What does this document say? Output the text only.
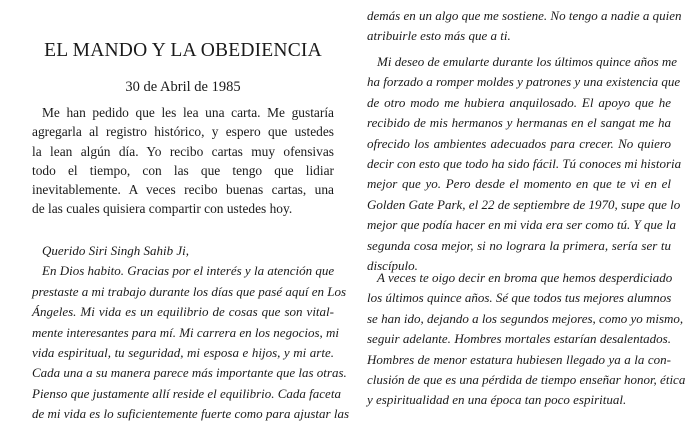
EL MANDO Y LA OBEDIENCIA
30 de Abril de 1985
Me han pedido que les lea una carta. Me gustaría
agregarla al registro histórico, y espero que ustedes
la lean algún día. Yo recibo cartas muy ofensivas
todo el tiempo, con las que tengo que lidiar
inevitablemente. A veces recibo buenas cartas, una
de las cuales quisiera compartir con ustedes hoy.
Querido Siri Singh Sahib Ji,
En Dios habito. Gracias por el interés y la atención que
prestaste a mi trabajo durante los días que pasé aquí en Los
Ángeles. Mi vida es un equilibrio de cosas que son vital-
mente interesantes para mí. Mi carrera en los negocios, mi
vida espiritual, tu seguridad, mi esposa e hijos, y mi arte.
Cada una a su manera parece más importante que las otras.
Pienso que justamente allí reside el equilibrio. Cada faceta
de mi vida es lo suficientemente fuerte como para ajustar las
demás en un algo que me sostiene. No tengo a nadie a quien
atribuirle esto más que a ti.
Mi deseo de emularte durante los últimos quince años me
ha forzado a romper moldes y patrones y una existencia que
de otro modo me hubiera anquilosado. El apoyo que he
recibido de mis hermanos y hermanas en el sangat me ha
ofrecido los ambientes adecuados para crecer. No quiero
decir con esto que todo ha sido fácil. Tú conoces mi historia
mejor que yo. Pero desde el momento en que te vi en el
Golden Gate Park, el 22 de septiembre de 1970, supe que lo
mejor que podía hacer en mi vida era ser como tú. Y que la
segunda cosa mejor, si no lograra la primera, sería ser tu
discípulo.
A veces te oigo decir en broma que hemos desperdiciado
los últimos quince años. Sé que todos tus mejores alumnos
se han ido, dejando a los segundos mejores, como yo mismo,
seguir adelante. Hombres mortales estarían desalentados.
Hombres de menor estatura hubiesen llegado ya a la con-
clusión de que es una pérdida de tiempo enseñar honor, ética
y espiritualidad en una época tan poco espiritual.
